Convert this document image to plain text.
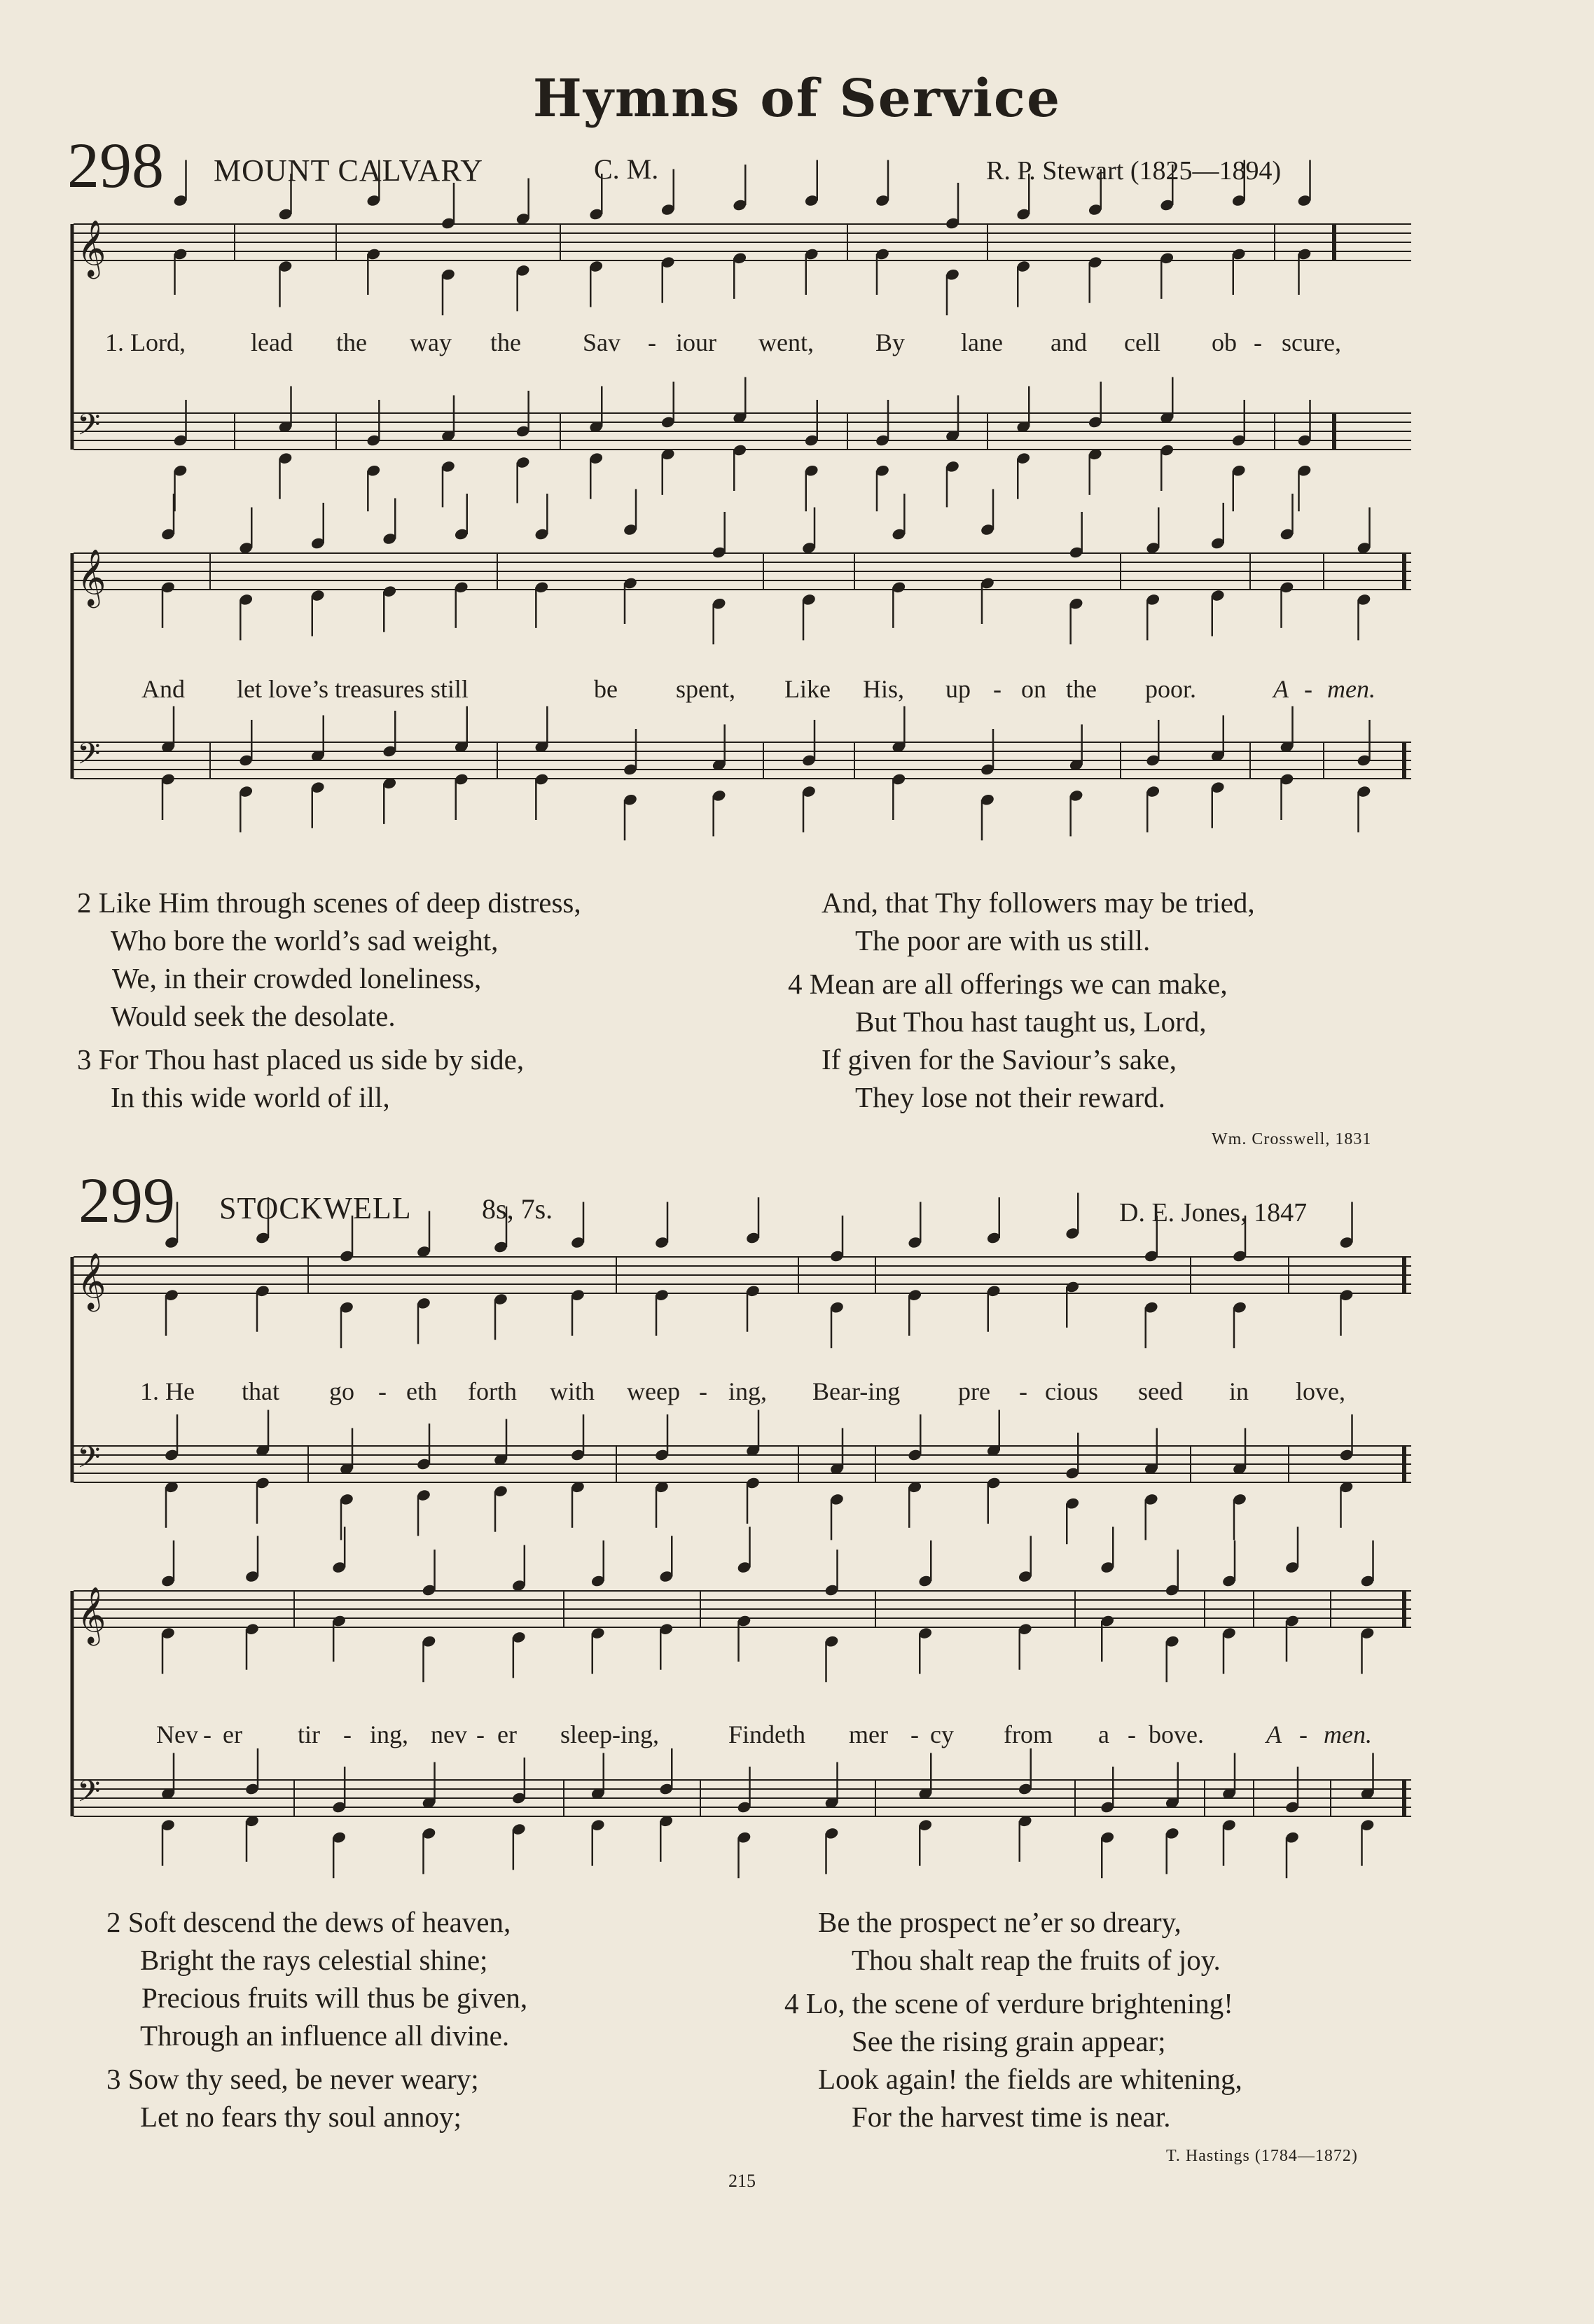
Hymns of Service
298 MOUNT CALVARY	C. M.	R. P. Stewart (1825—1894)
𝄞
𝄢
1. Lord,	lead the way the Sav - iour went, By lane and cell ob - scure,
𝄞
𝄢
And let love’s treasures still	be spent, Like His, up - on the poor.	A - men.
2 Like Him through scenes of deep distress,
Who bore the world’s sad weight,
We, in their crowded loneliness,
Would seek the desolate.
3 For Thou hast placed us side by side,
In this wide world of ill,
And, that Thy followers may be tried,
The poor are with us still.
4 Mean are all offerings we can make,
But Thou hast taught us, Lord,
If given for the Saviour’s sake,
They lose not their reward.
Wm. Crosswell, 1831
299 STOCKWELL	8s, 7s.	D. E. Jones, 1847
𝄞
𝄢
1. He that go - eth forth with weep - ing, Bear-ing pre - cious seed in love,
𝄞
𝄢
Nev - er tir - ing, nev - er sleep-ing,	Findeth mer - cy from a - bove. A - men.
2 Soft descend the dews of heaven,
Bright the rays celestial shine;
Precious fruits will thus be given,
Through an influence all divine.
3 Sow thy seed, be never weary;
Let no fears thy soul annoy;
Be the prospect ne’er so dreary,
Thou shalt reap the fruits of joy.
4 Lo, the scene of verdure brightening!
See the rising grain appear;
Look again! the fields are whitening,
For the harvest time is near.
T. Hastings (1784—1872)
215
